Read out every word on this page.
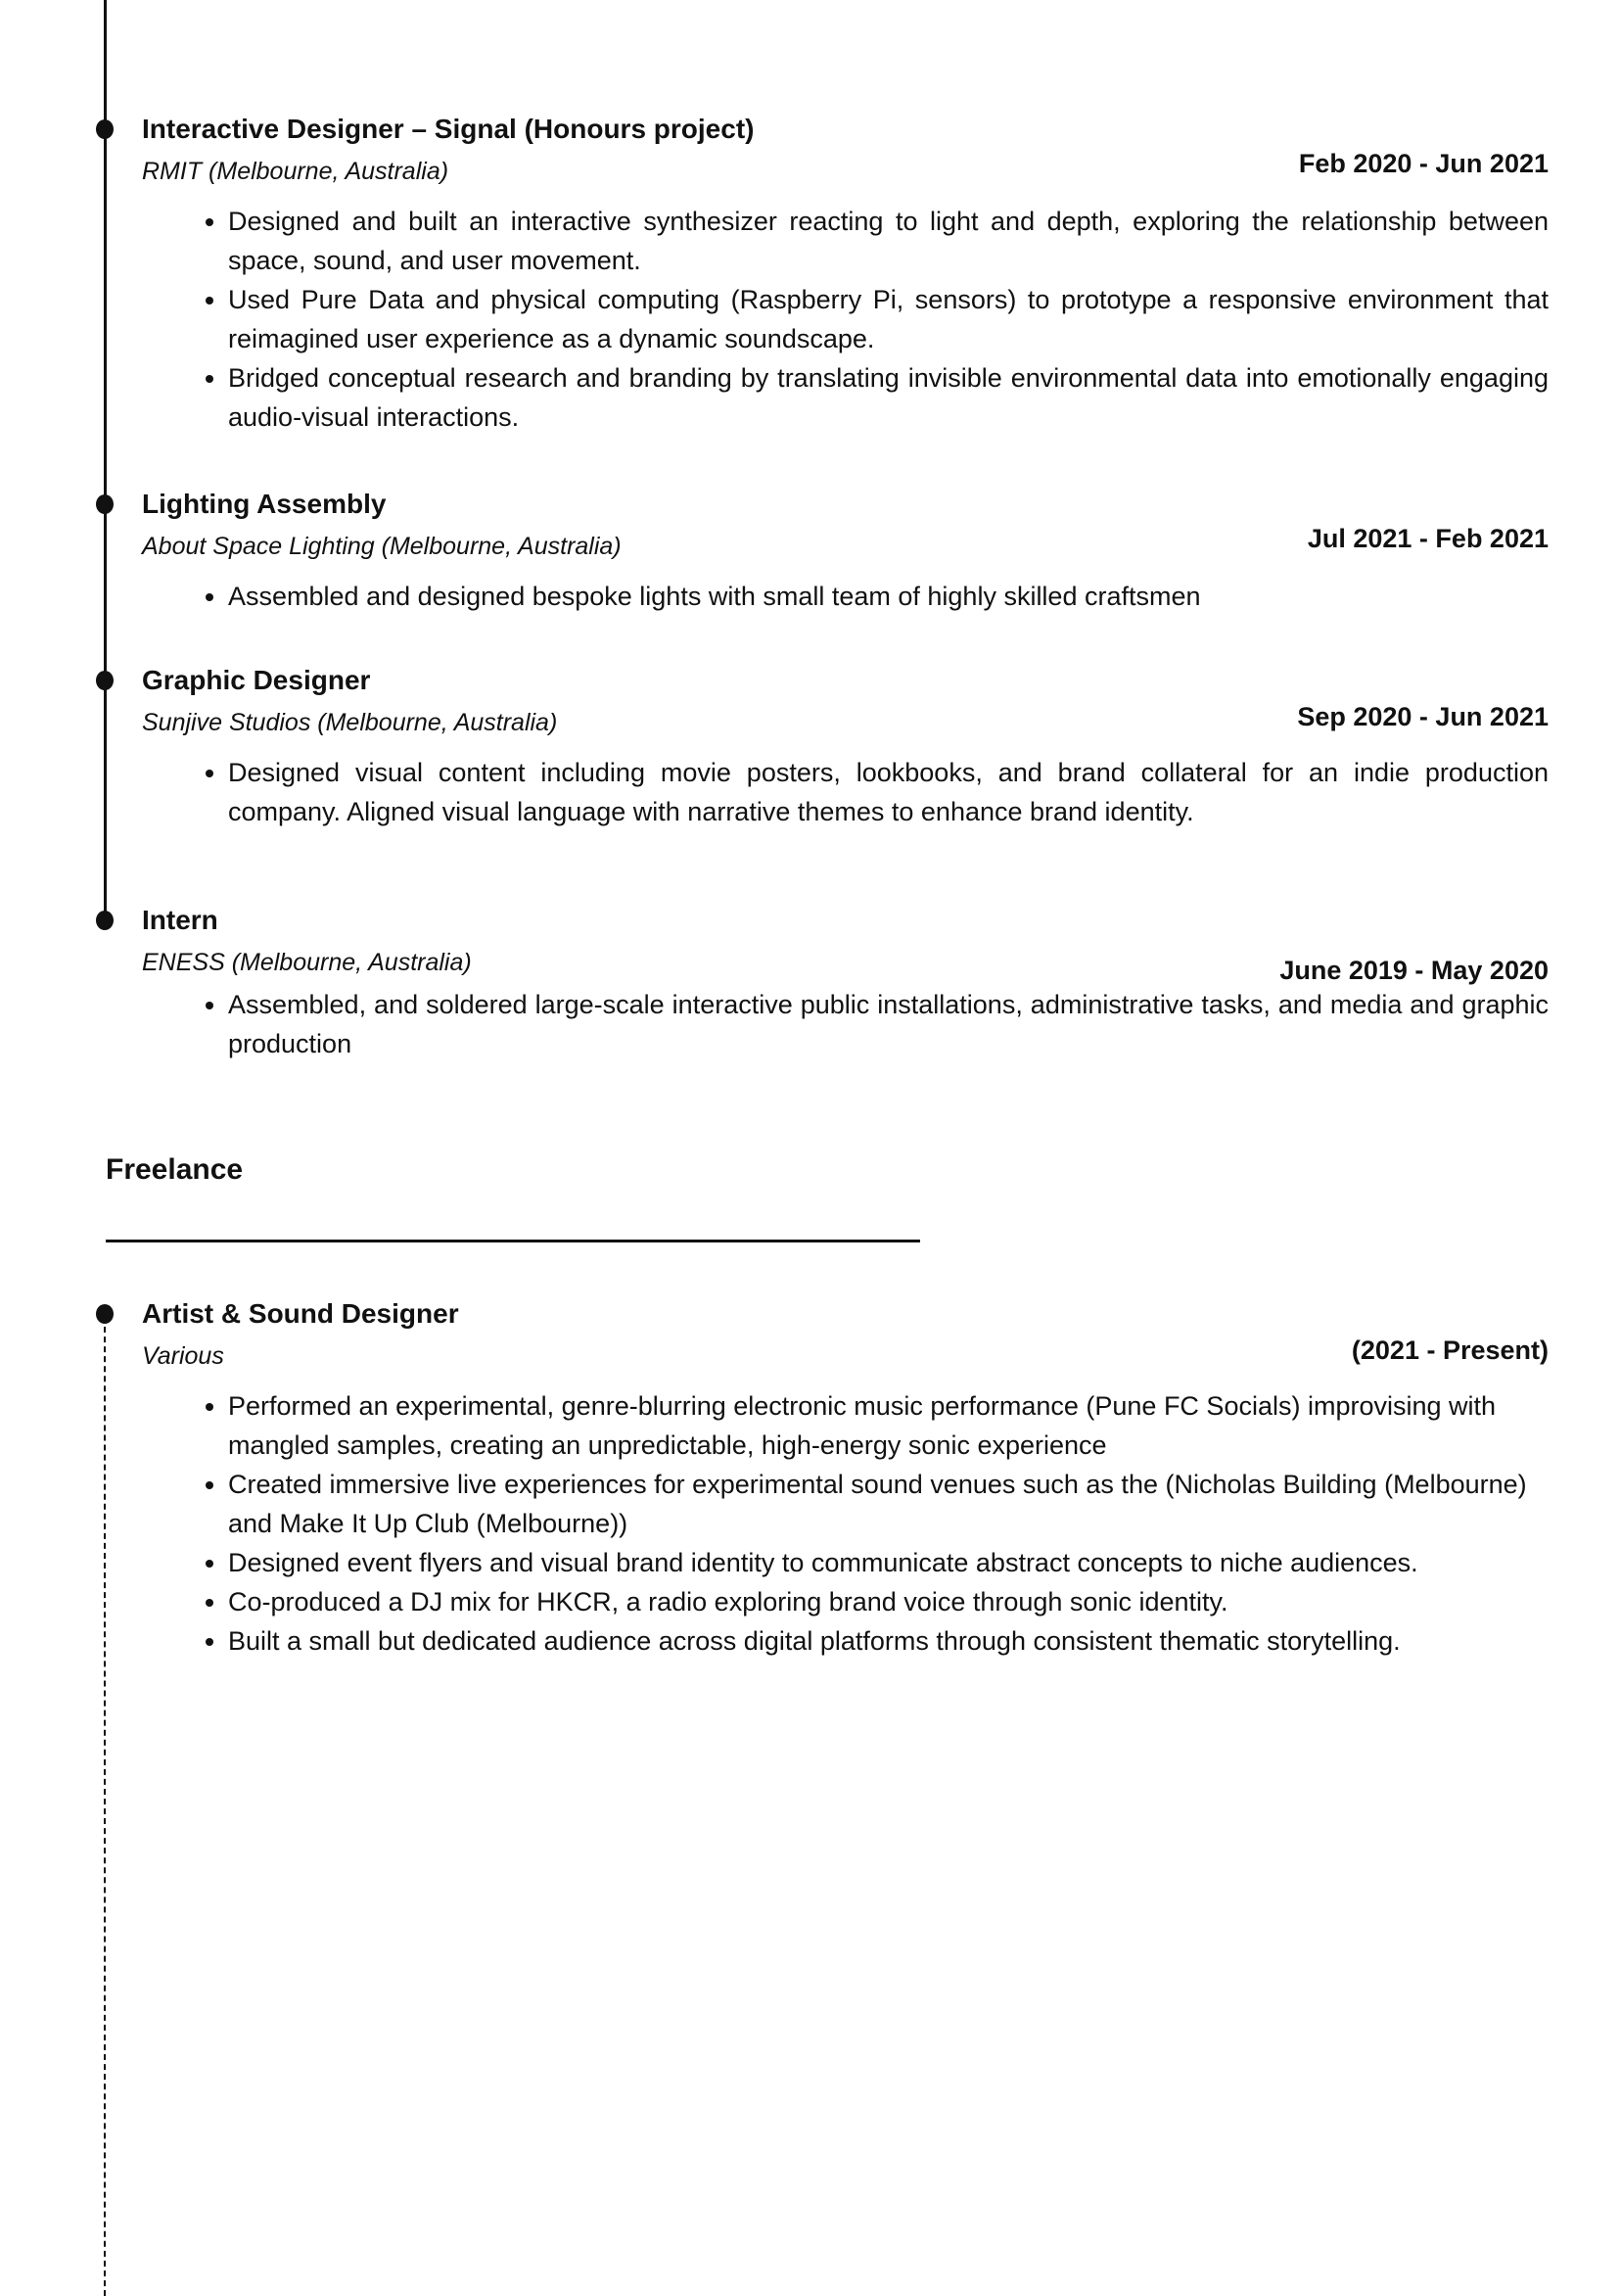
Interactive Designer – Signal (Honours project)
Feb 2020 - Jun 2021
RMIT (Melbourne, Australia)
• Designed and built an interactive synthesizer reacting to light and depth, exploring the relationship between space, sound, and user movement.
• Used Pure Data and physical computing (Raspberry Pi, sensors) to prototype a responsive environment that reimagined user experience as a dynamic soundscape.
• Bridged conceptual research and branding by translating invisible environmental data into emotionally engaging audio-visual interactions.
Lighting Assembly
Jul 2021 - Feb 2021
About Space Lighting (Melbourne, Australia)
• Assembled and designed bespoke lights with small team of highly skilled craftsmen
Graphic Designer
Sep 2020 - Jun 2021
Sunjive Studios (Melbourne, Australia)
• Designed visual content including movie posters, lookbooks, and brand collateral for an indie production company. Aligned visual language with narrative themes to enhance brand identity.
Intern
June 2019 - May 2020
ENESS (Melbourne, Australia)
• Assembled, and soldered large-scale interactive public installations, administrative tasks, and media and graphic production
Freelance
Artist & Sound Designer
(2021 - Present)
Various
• Performed an experimental, genre-blurring electronic music performance (Pune FC Socials) improvising with mangled samples, creating an unpredictable, high-energy sonic experience
• Created immersive live experiences for experimental sound venues such as the (Nicholas Building (Melbourne) and Make It Up Club (Melbourne))
• Designed event flyers and visual brand identity to communicate abstract concepts to niche audiences.
• Co-produced a DJ mix for HKCR, a radio exploring brand voice through sonic identity.
• Built a small but dedicated audience across digital platforms through consistent thematic storytelling.
